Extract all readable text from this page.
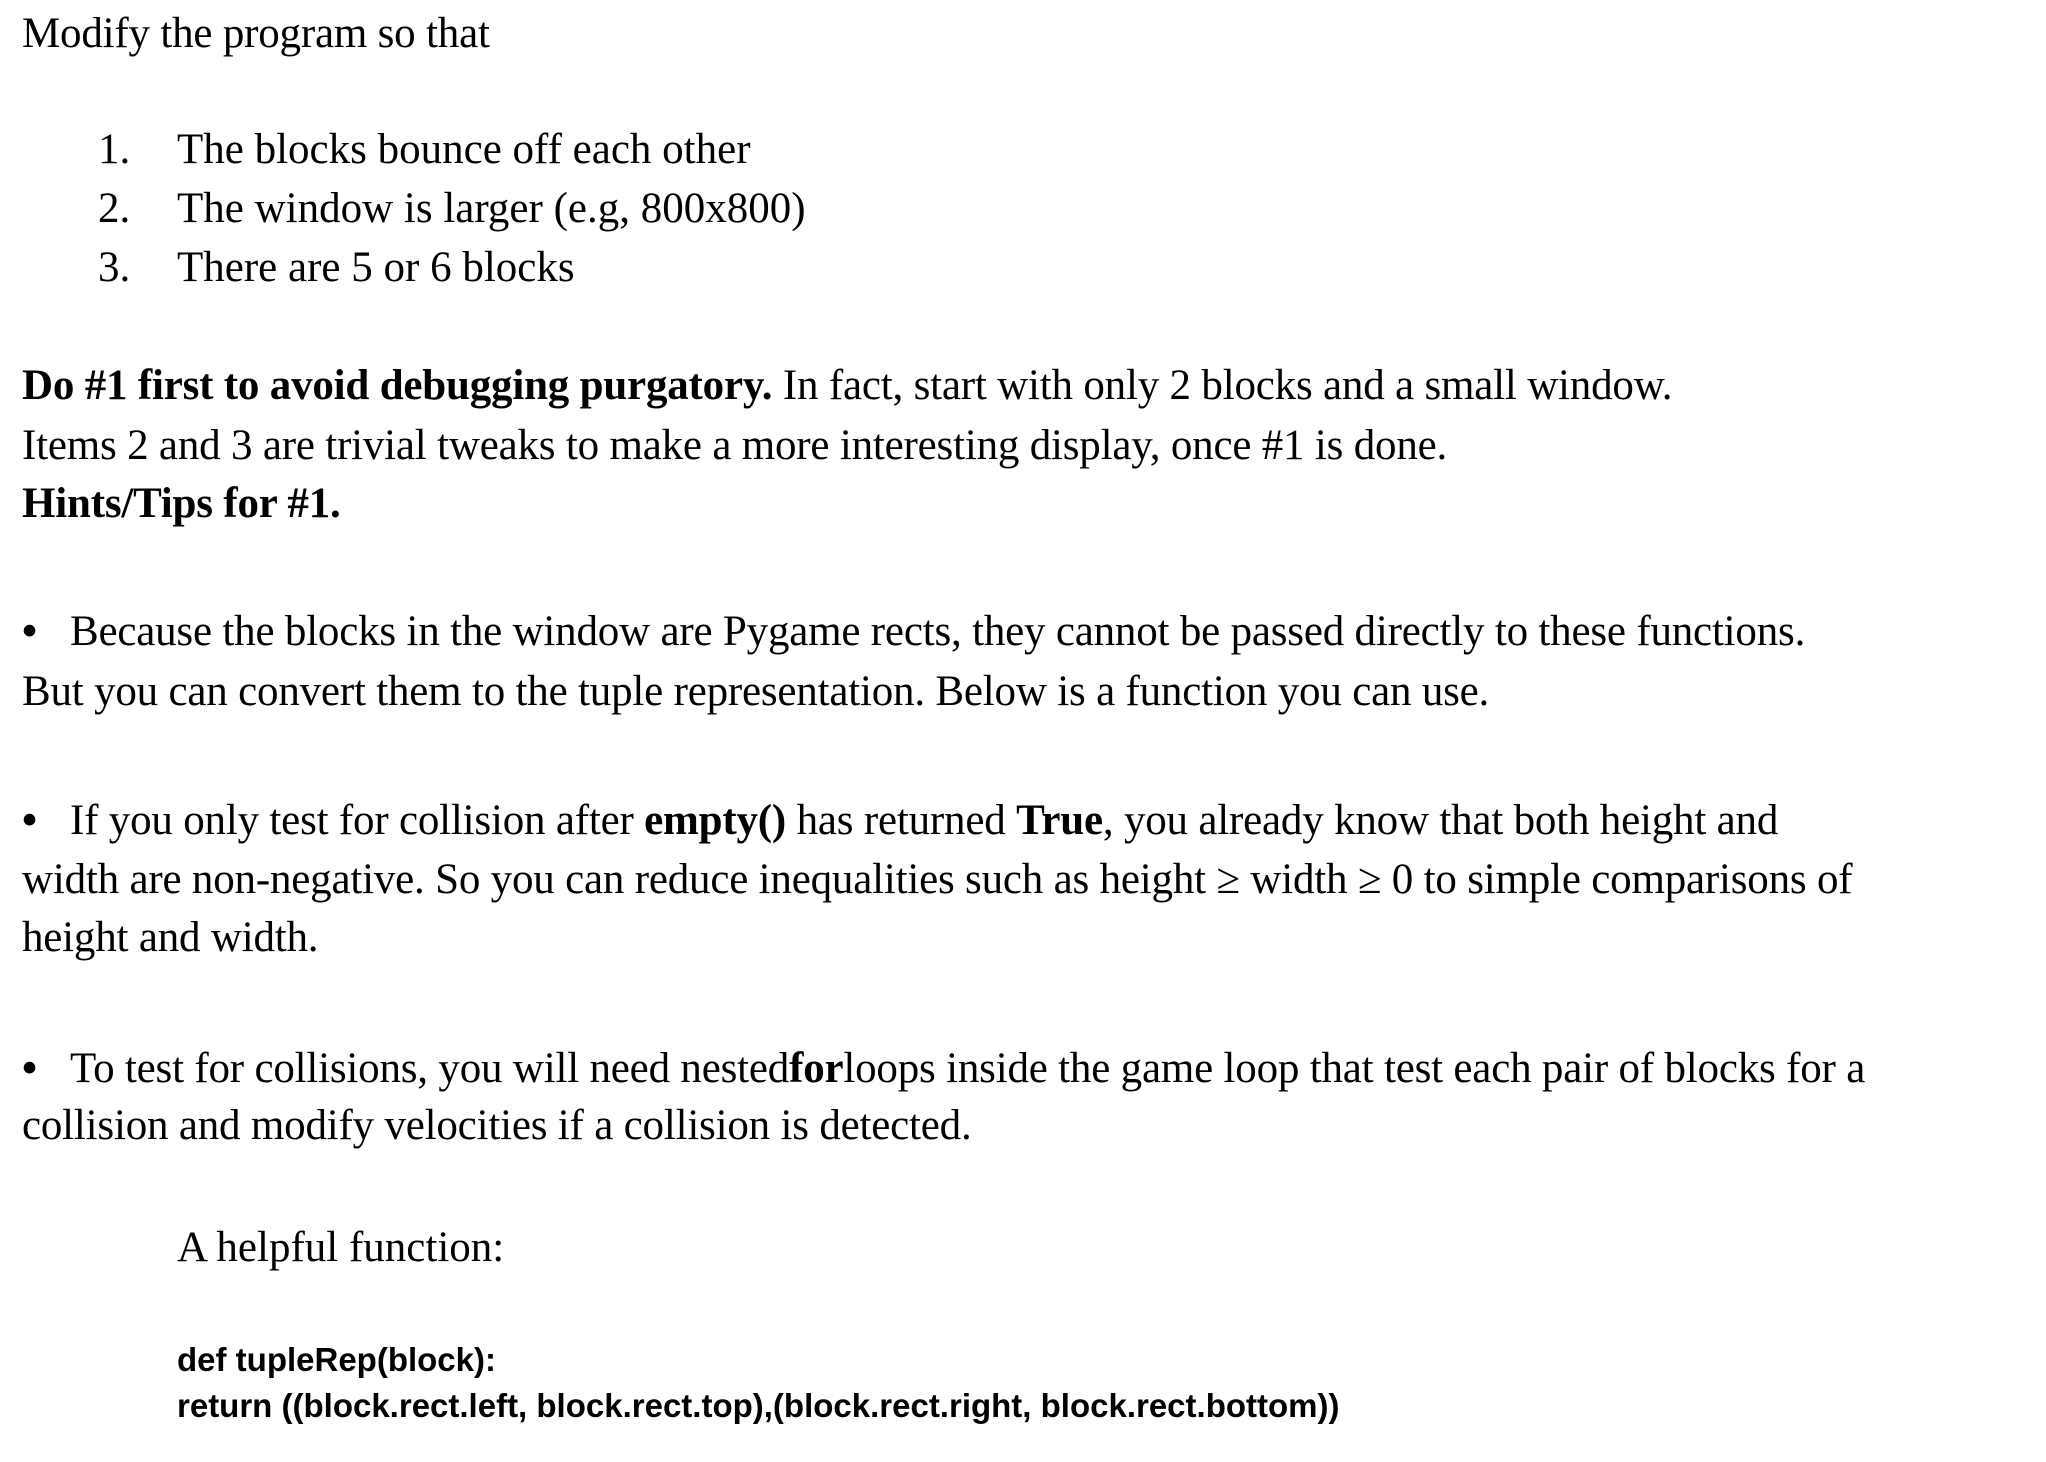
Modify the program so that
1. The blocks bounce off each other
2. The window is larger (e.g, 800x800)
3. There are 5 or 6 blocks
Do #1 first to avoid debugging purgatory. In fact, start with only 2 blocks and a small window.
Items 2 and 3 are trivial tweaks to make a more interesting display, once #1 is done.
Hints/Tips for #1.
• Because the blocks in the window are Pygame rects, they cannot be passed directly to these functions.
But you can convert them to the tuple representation. Below is a function you can use.
• If you only test for collision after empty() has returned True, you already know that both height and
width are non-negative. So you can reduce inequalities such as height ≥ width ≥ 0 to simple comparisons of
height and width.
• To test for collisions, you will need nestedforloops inside the game loop that test each pair of blocks for a
collision and modify velocities if a collision is detected.
A helpful function:
def tupleRep(block):
return ((block.rect.left, block.rect.top),(block.rect.right, block.rect.bottom))
